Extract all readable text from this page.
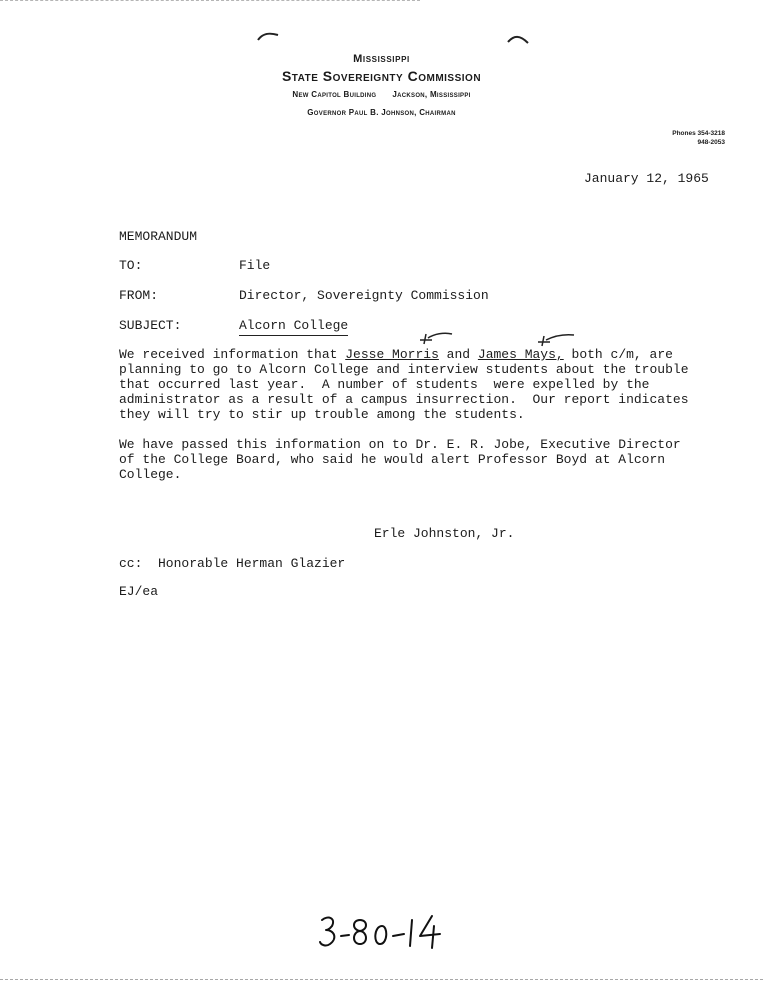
Mississippi
State Sovereignty Commission
New Capitol Building Jackson, Mississippi
Governor Paul B. Johnson, Chairman
Phones 354-3218
948-2053
January 12, 1965
MEMORANDUM
TO:	File
FROM:	Director, Sovereignty Commission
SUBJECT:	Alcorn College
We received information that Jesse Morris and James Mays, both c/m, are
planning to go to Alcorn College and interview students about the trouble
that occurred last year.  A number of students  were expelled by the
administrator as a result of a campus insurrection.  Our report indicates
they will try to stir up trouble among the students.
We have passed this information on to Dr. E. R. Jobe, Executive Director
of the College Board, who said he would alert Professor Boyd at Alcorn
College.
Erle Johnston, Jr.
cc:  Honorable Herman Glazier
EJ/ea
